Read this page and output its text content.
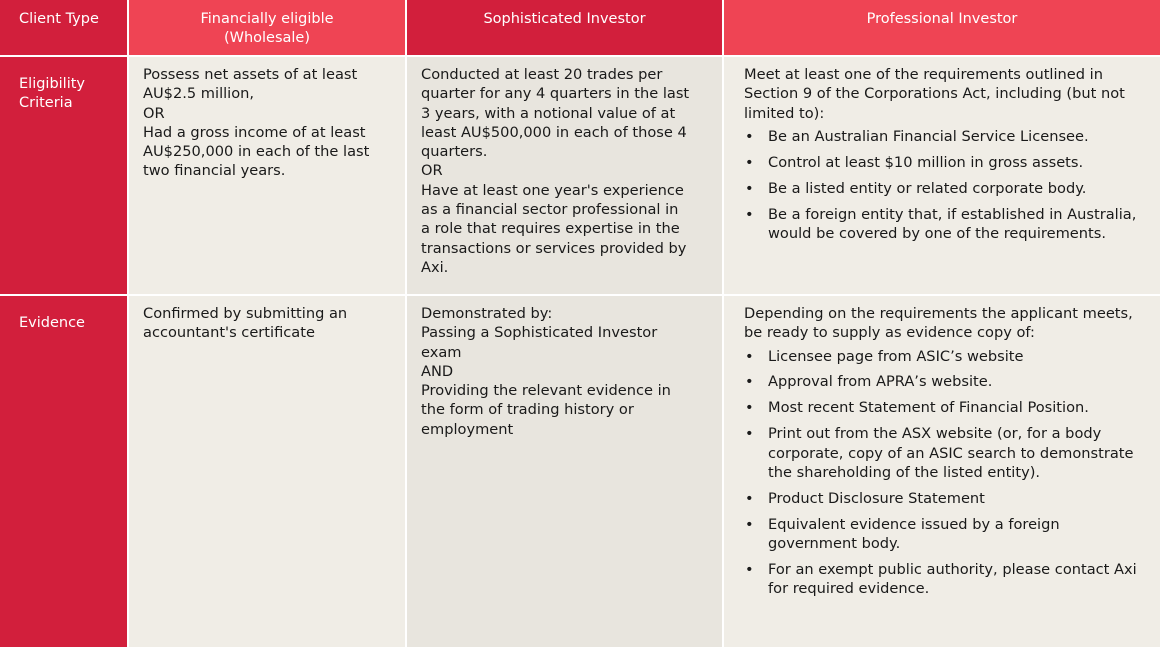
Client Type	Financially eligible
(Wholesale)
Sophisticated Investor	Professional Investor
Eligibility
Criteria

Possess net assets of at least
AU$2.5 million,
OR
Had a gross income of at least
AU$250,000 in each of the last
two financial years.

Conducted at least 20 trades per
quarter for any 4 quarters in the last
3 years, with a notional value of at
least AU$500,000 in each of those 4
quarters.
OR
Have at least one year's experience
as a financial sector professional in
a role that requires expertise in the
transactions or services provided by
Axi.

Meet at least one of the requirements outlined in Section 9 of the Corporations Act, including (but not limited to):

• Be an Australian Financial Service Licensee.
• Control at least $10 million in gross assets.
• Be a listed entity or related corporate body.
• Be a foreign entity that, if established in Australia, would be covered by one of the requirements.
Evidence

Confirmed by submitting an
accountant's certificate

Demonstrated by:
Passing a Sophisticated Investor
exam
AND
Providing the relevant evidence in
the form of trading history or
employment

Depending on the requirements the applicant meets, be ready to supply as evidence copy of:

• Licensee page from ASIC’s website
• Approval from APRA’s website.
• Most recent Statement of Financial Position.
• Print out from the ASX website (or, for a body corporate, copy of an ASIC search to demonstrate the shareholding of the listed entity).
• Product Disclosure Statement
• Equivalent evidence issued by a foreign government body.
• For an exempt public authority, please contact Axi for required evidence.
